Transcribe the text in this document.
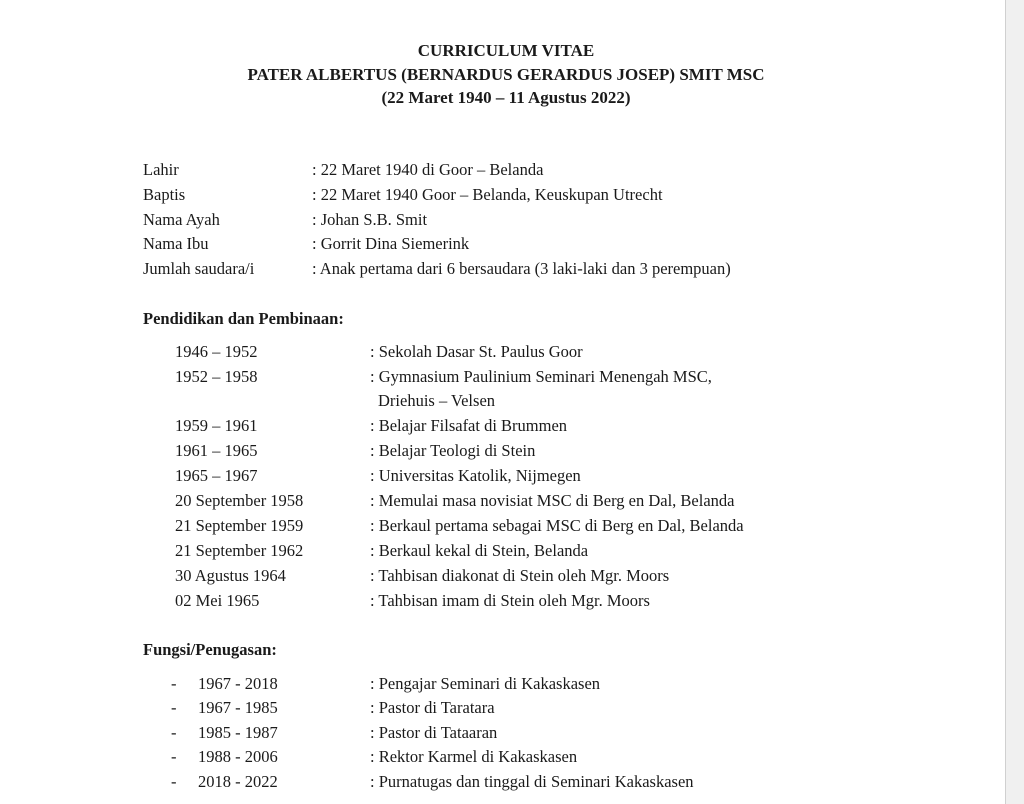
CURRICULUM VITAE
PATER ALBERTUS (BERNARDUS GERARDUS JOSEP) SMIT MSC
(22 Maret 1940 – 11 Agustus 2022)
Lahir	: 22 Maret 1940 di Goor – Belanda
Baptis	: 22 Maret 1940 Goor – Belanda, Keuskupan Utrecht
Nama Ayah	: Johan S.B. Smit
Nama Ibu	: Gorrit Dina Siemerink
Jumlah saudara/i	: Anak pertama dari 6 bersaudara (3 laki-laki dan 3 perempuan)
Pendidikan dan Pembinaan:
1946 – 1952	: Sekolah Dasar St. Paulus Goor
1952 – 1958	: Gymnasium Paulinium Seminari Menengah MSC,
Driehuis – Velsen
1959 – 1961	: Belajar Filsafat di Brummen
1961 – 1965	: Belajar Teologi di Stein
1965 – 1967	: Universitas Katolik, Nijmegen
20 September 1958	: Memulai masa novisiat MSC di Berg en Dal, Belanda
21 September 1959	: Berkaul pertama sebagai MSC di Berg en Dal, Belanda
21 September 1962	: Berkaul kekal di Stein, Belanda
30 Agustus 1964	: Tahbisan diakonat di Stein oleh Mgr. Moors
02 Mei 1965	: Tahbisan imam di Stein oleh Mgr. Moors
Fungsi/Penugasan:
- 1967 - 2018	: Pengajar Seminari di Kakaskasen
- 1967 - 1985	: Pastor di Taratara
- 1985 - 1987	: Pastor di Tataaran
- 1988 - 2006	: Rektor Karmel di Kakaskasen
- 2018 - 2022	: Purnatugas dan tinggal di Seminari Kakaskasen
